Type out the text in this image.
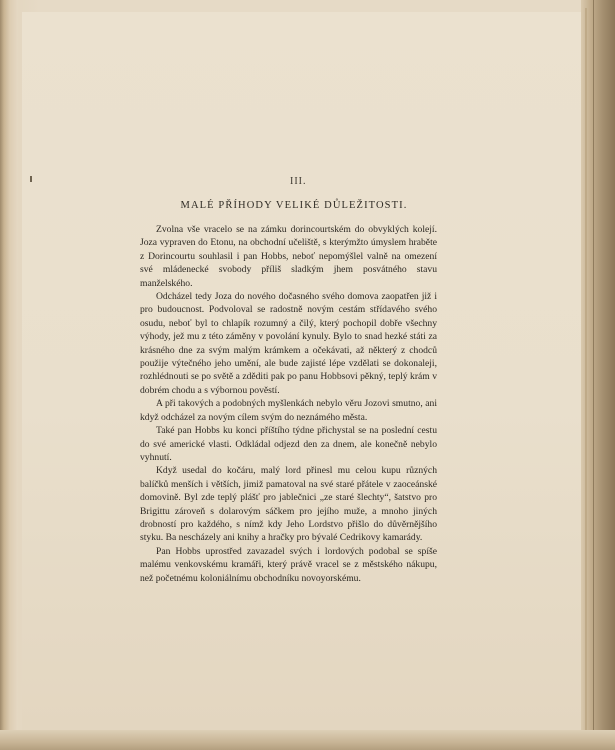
III.
MALÉ PŘÍHODY VELIKÉ DŮLEŽITOSTI.

Zvolna vše vracelo se na zámku dorincourtském do obvyklých kolejí. Joza vypraven do Etonu, na obchodní učeliště, s kterýmžto úmyslem hraběte z Dorincourtu souhlasil i pan Hobbs, neboť nepomýšlel valně na omezení své mládenecké svobody příliš sladkým jhem posvátného stavu manželského.

Odcházel tedy Joza do nového dočasného svého domova zaopatřen již i pro budoucnost. Podvoloval se radostně novým cestám střídavého svého osudu, neboť byl to chlapík rozumný a čilý, který pochopil dobře všechny výhody, jež mu z této záměny v povolání kynuly. Bylo to snad hezké státi za krásného dne za svým malým krámkem a očekávati, až některý z chodců použije výtečného jeho umění, ale bude zajisté lépe vzdělati se dokonaleji, rozhlédnouti se po světě a zděditi pak po panu Hobbsovi pěkný, teplý krám v dobrém chodu a s výbornou pověstí.

A při takových a podobných myšlenkách nebylo věru Jozovi smutno, ani když odcházel za novým cílem svým do neznámého města.

Také pan Hobbs ku konci příštího týdne přichystal se na poslední cestu do své americké vlasti. Odkládal odjezd den za dnem, ale konečně nebylo vyhnutí.

Když usedal do kočáru, malý lord přinesl mu celou kupu různých balíčků menších i větších, jimiž pamatoval na své staré přátele v zaoceánské domovině. Byl zde teplý plášť pro jablečnici „ze staré šlechty“, šatstvo pro Brigittu zároveň s dolarovým sáčkem pro jejího muže, a mnoho jiných drobností pro každého, s nímž kdy Jeho Lordstvo přišlo do důvěrnějšího styku. Ba nescházely ani knihy a hračky pro bývalé Cedrikovy kamarády.

Pan Hobbs uprostřed zavazadel svých i lordových podobal se spíše malému venkovskému kramáři, který právě vracel se z městského nákupu, než početnému koloniálnímu obchodníku novoyorskému.
